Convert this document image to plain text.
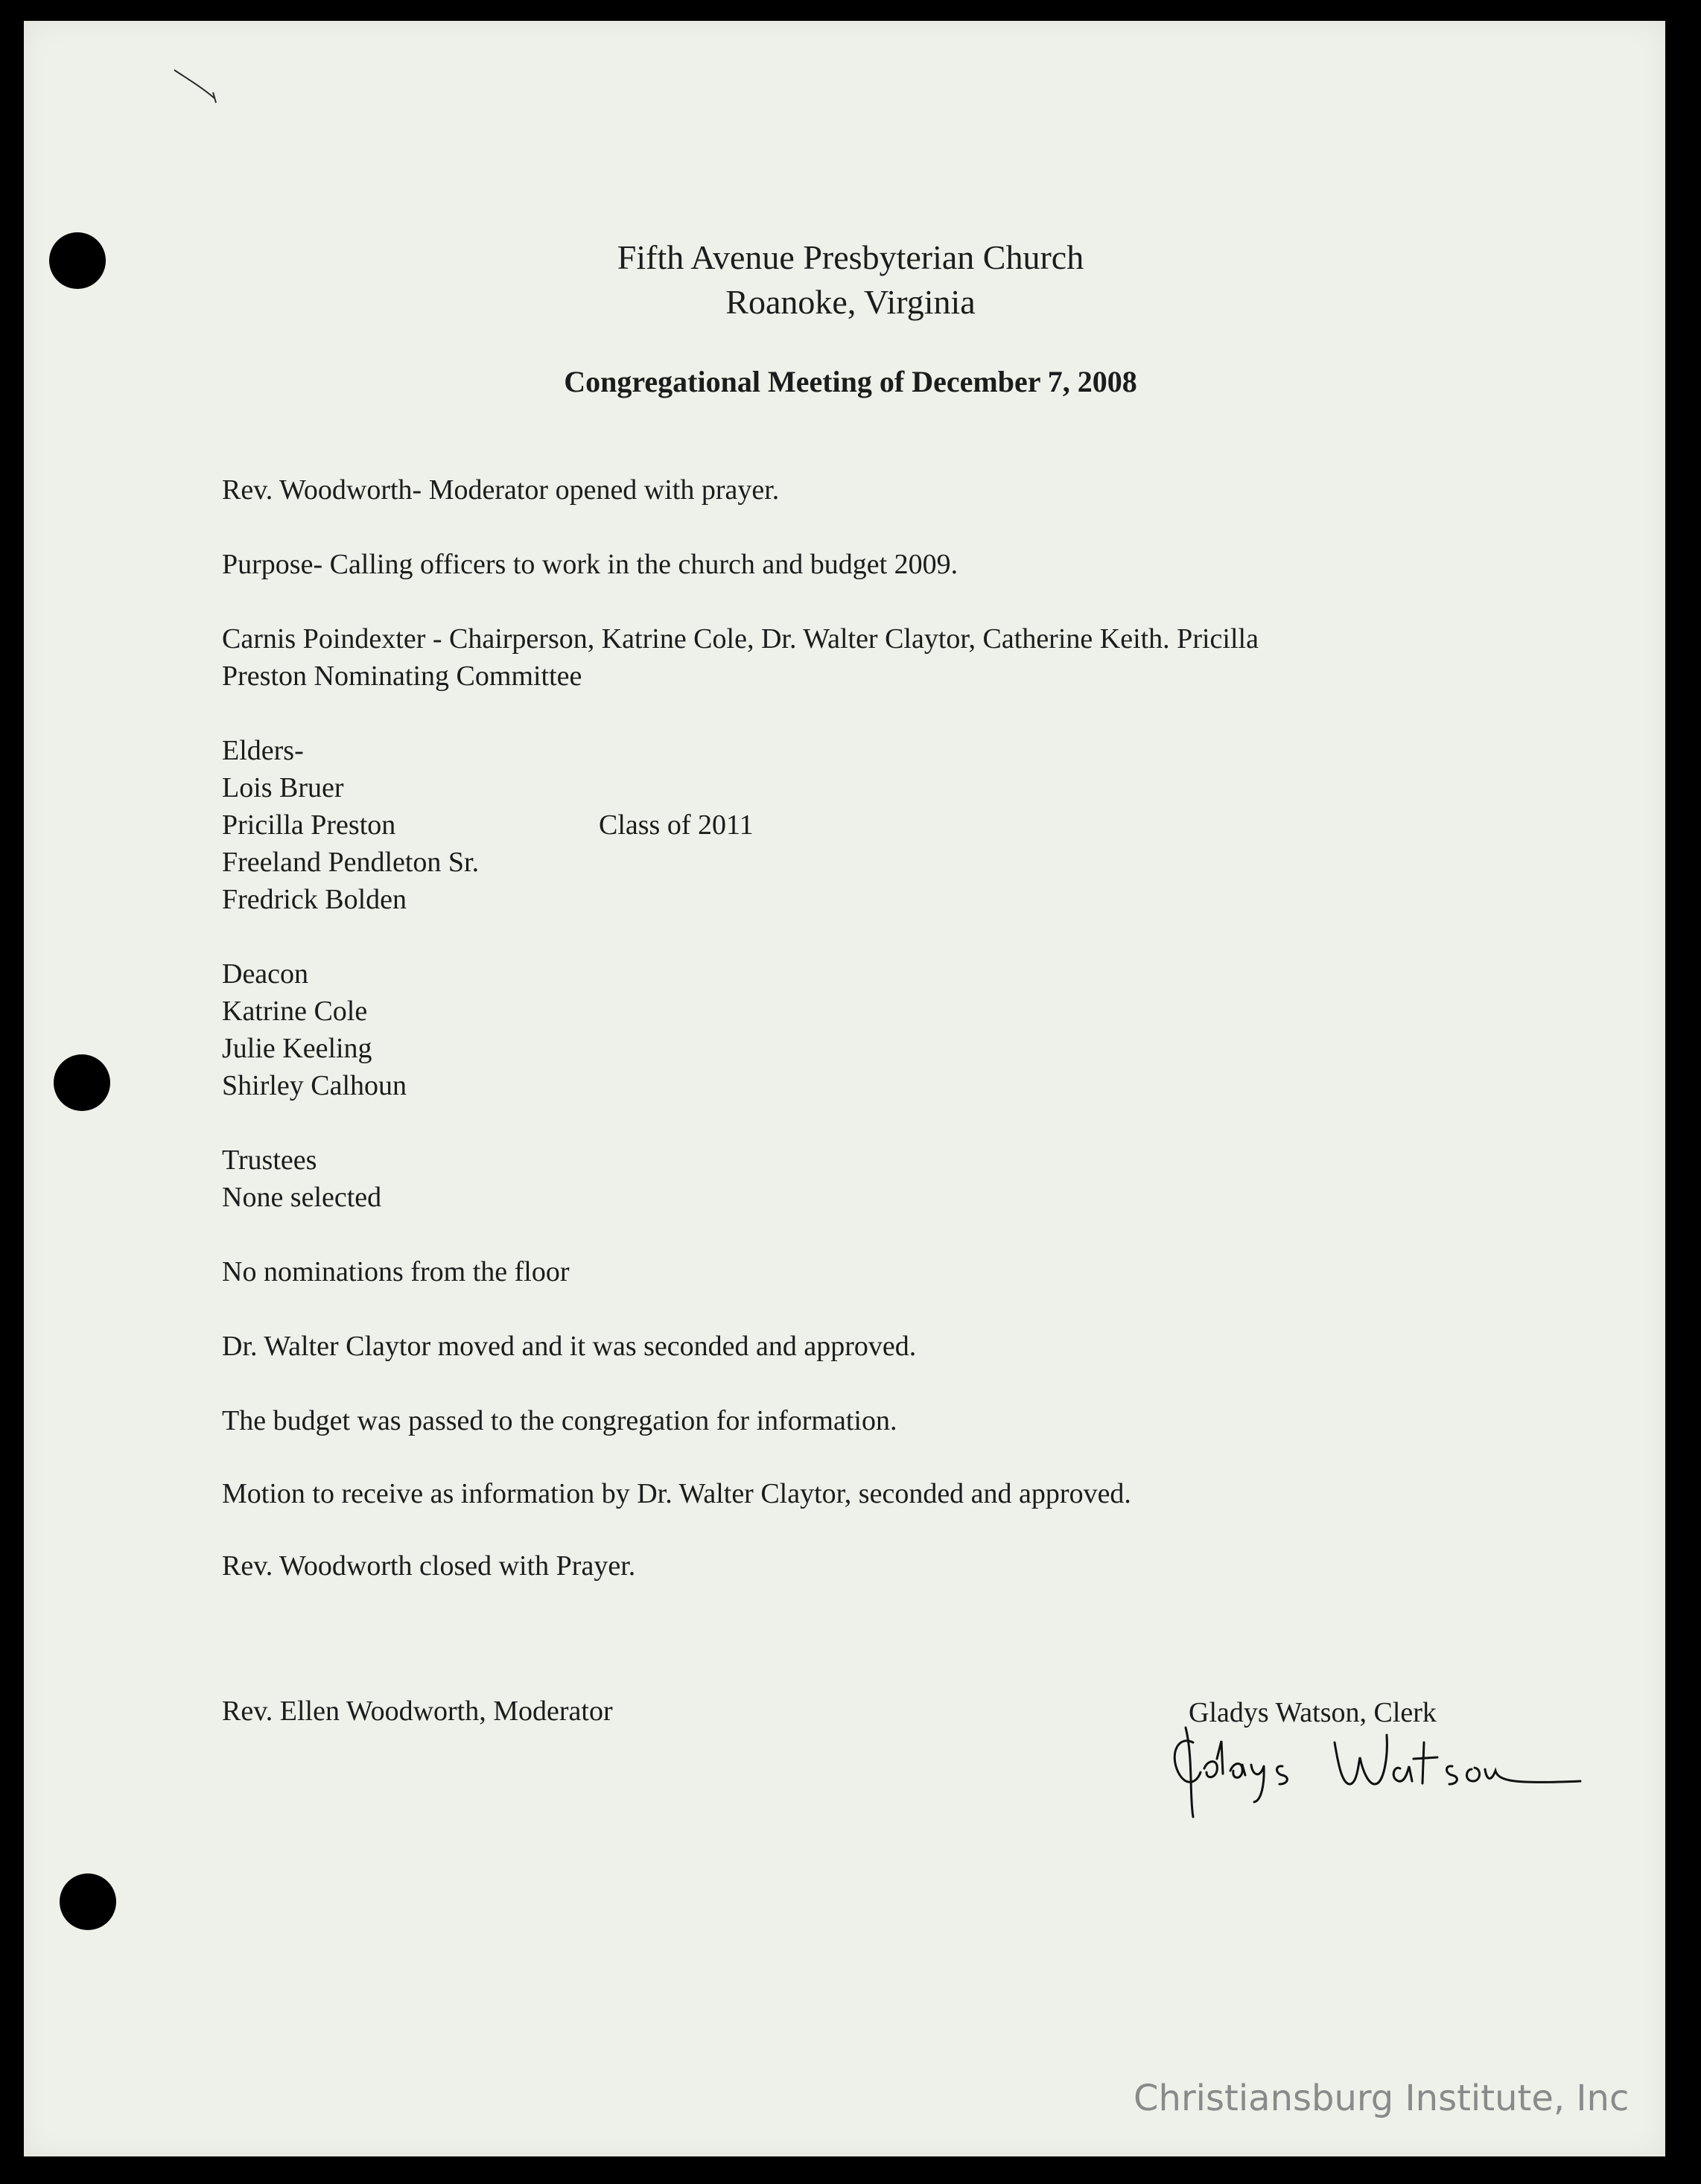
Fifth Avenue Presbyterian Church
Roanoke, Virginia
Congregational Meeting of December 7, 2008
Rev. Woodworth- Moderator opened with prayer.
Purpose- Calling officers to work in the church and budget 2009.
Carnis Poindexter - Chairperson, Katrine Cole, Dr. Walter Claytor, Catherine Keith. Pricilla
Preston Nominating Committee
Elders-
Lois Bruer
Pricilla Preston	Class of 2011
Freeland Pendleton Sr.
Fredrick Bolden
Deacon
Katrine Cole
Julie Keeling
Shirley Calhoun
Trustees
None selected
No nominations from the floor
Dr. Walter Claytor moved and it was seconded and approved.
The budget was passed to the congregation for information.
Motion to receive as information by Dr. Walter Claytor, seconded and approved.
Rev. Woodworth closed with Prayer.
Rev. Ellen Woodworth, Moderator	Gladys Watson, Clerk
Christiansburg Institute, Inc
